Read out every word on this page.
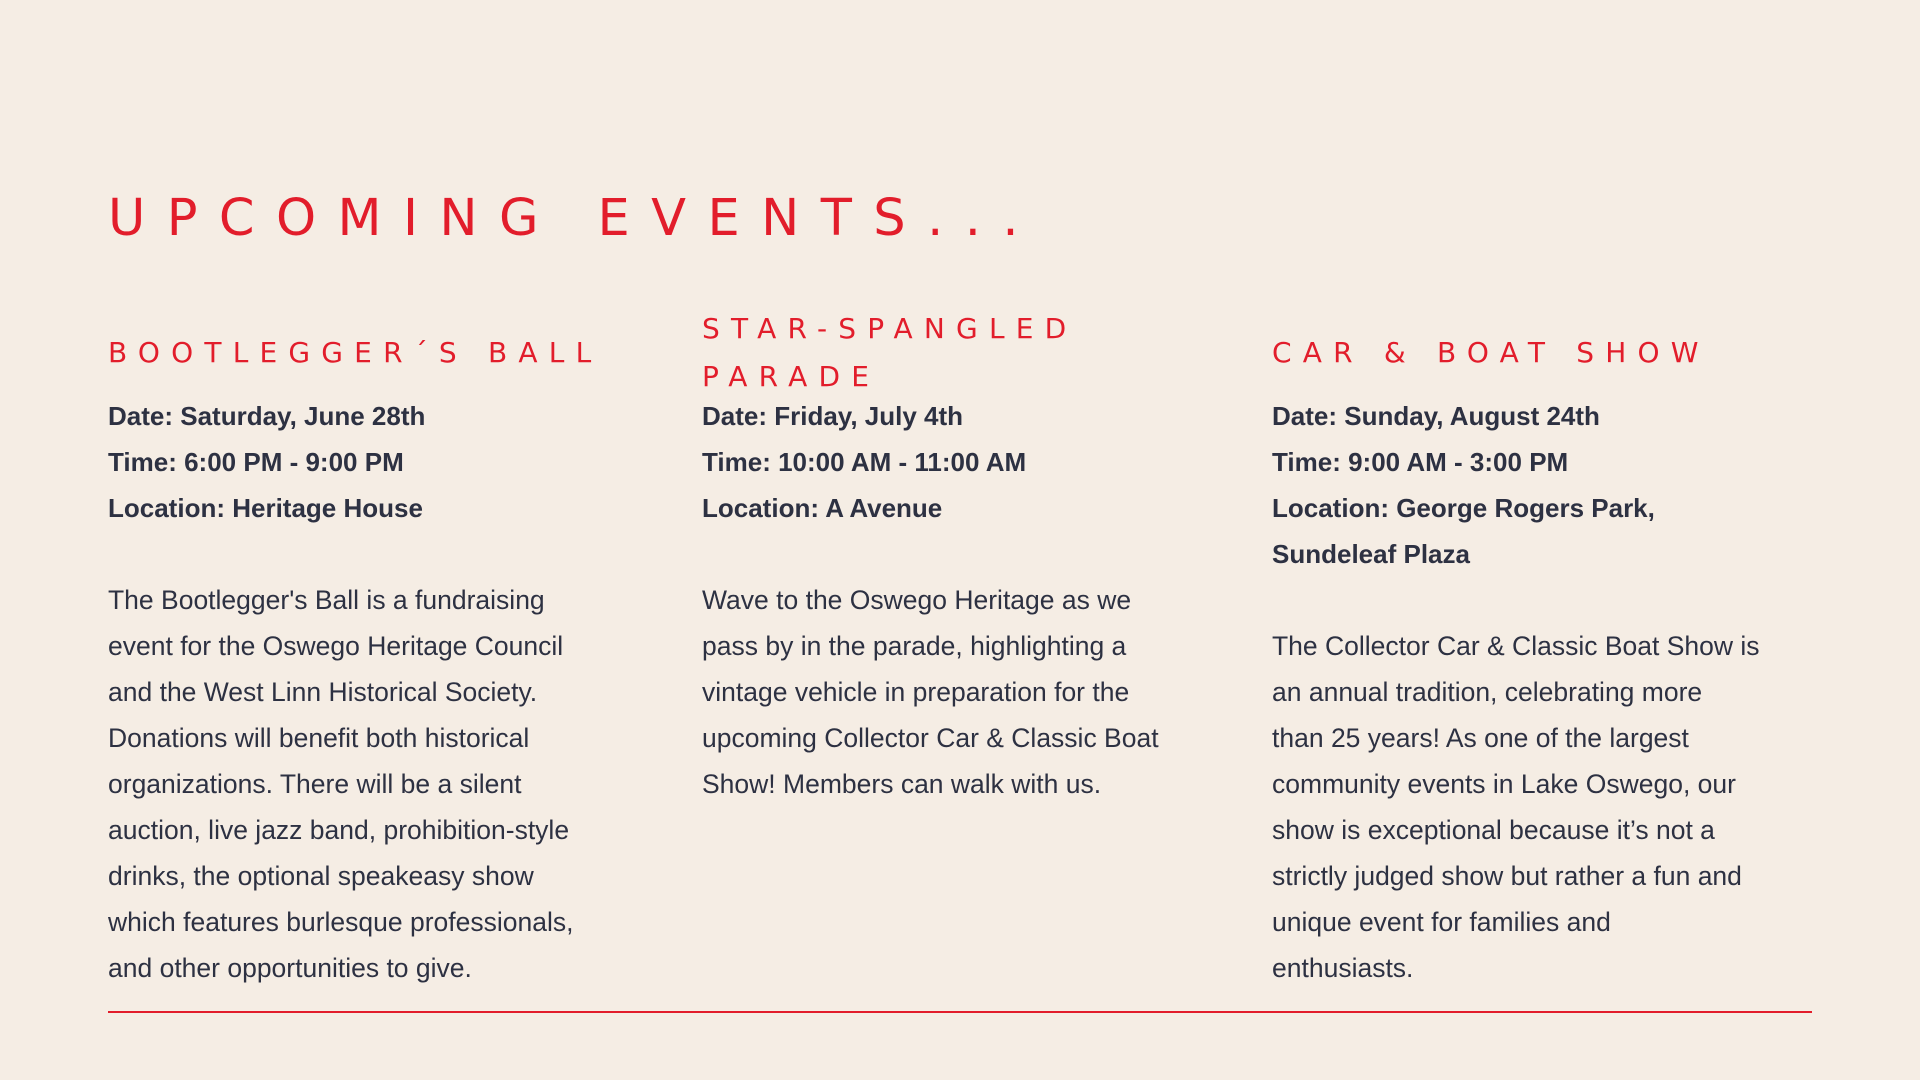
UPCOMING EVENTS...
BOOTLEGGER´S BALL
Date: Saturday, June 28th
Time: 6:00 PM - 9:00 PM
Location: Heritage House

The Bootlegger's Ball is a fundraising
event for the Oswego Heritage Council
and the West Linn Historical Society.
Donations will benefit both historical
organizations. There will be a silent
auction, live jazz band, prohibition-style
drinks, the optional speakeasy show
which features burlesque professionals,
and other opportunities to give.

STAR-SPANGLED
PARADE
Date: Friday, July 4th
Time: 10:00 AM - 11:00 AM
Location: A Avenue

Wave to the Oswego Heritage as we
pass by in the parade, highlighting a
vintage vehicle in preparation for the
upcoming Collector Car & Classic Boat
Show! Members can walk with us.

CAR & BOAT SHOW
Date: Sunday, August 24th
Time: 9:00 AM - 3:00 PM
Location: George Rogers Park,
Sundeleaf Plaza

The Collector Car & Classic Boat Show is
an annual tradition, celebrating more
than 25 years! As one of the largest
community events in Lake Oswego, our
show is exceptional because it’s not a
strictly judged show but rather a fun and
unique event for families and
enthusiasts.
